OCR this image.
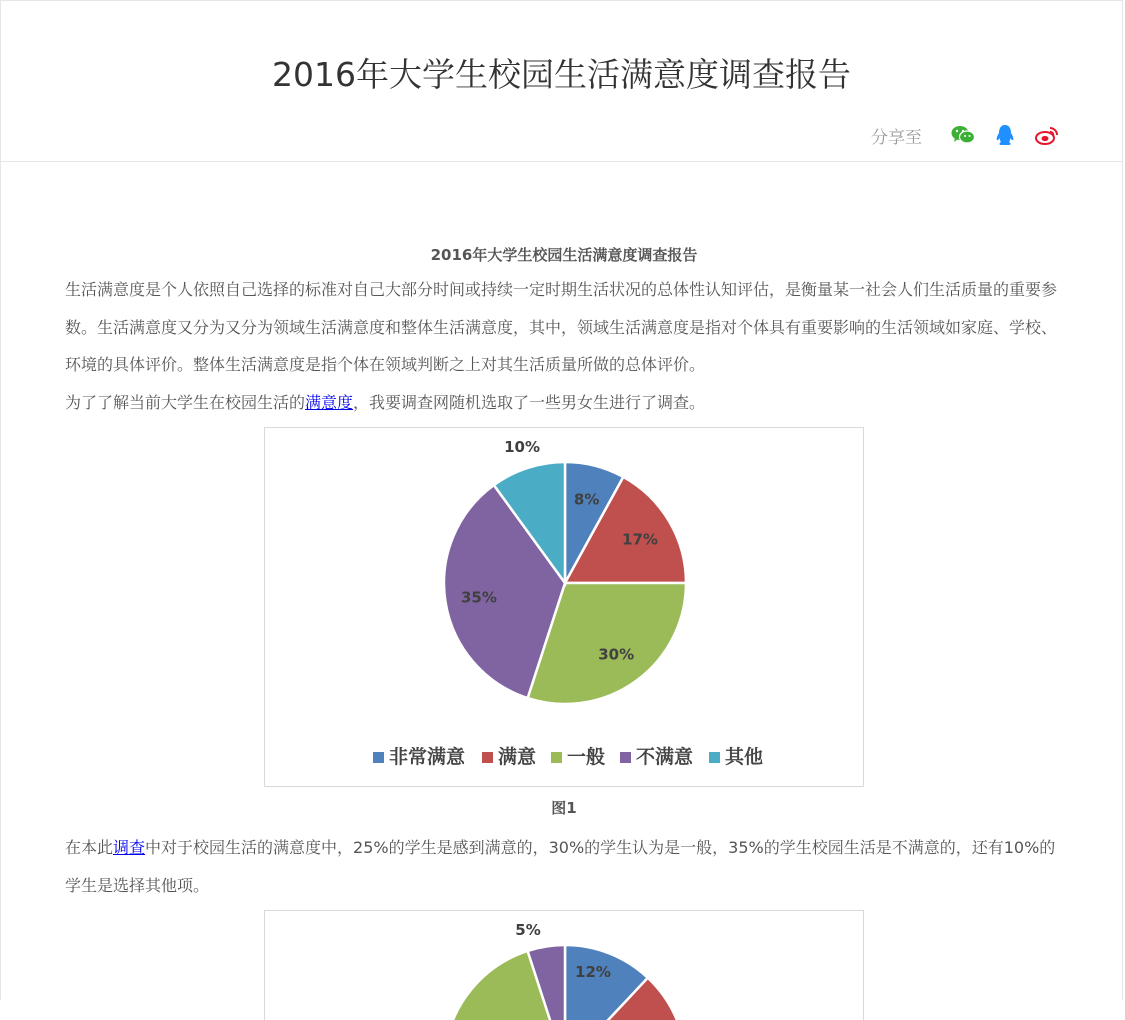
2016年大学生校园生活满意度调查报告
分享至
2016年大学生校园生活满意度调查报告

生活满意度是个人依照自己选择的标准对自己大部分时间或持续一定时期生活状况的总体性认知评估，是衡量某一社会人们生活质量的重要参数。生活满意度又分为又分为领域生活满意度和整体生活满意度，其中，领域生活满意度是指对个体具有重要影响的生活领域如家庭、学校、环境的具体评价。整体生活满意度是指个体在领域判断之上对其生活质量所做的总体评价。

为了了解当前大学生在校园生活的满意度，我要调查网随机选取了一些男女生进行了调查。

8%
17%
30%
35%
10%
非常满意 满意 一般 不满意 其他
图1

在本此调查中对于校园生活的满意度中，25%的学生是感到满意的，30%的学生认为是一般，35%的学生校园生活是不满意的，还有10%的学生是选择其他项。

5%
12%
